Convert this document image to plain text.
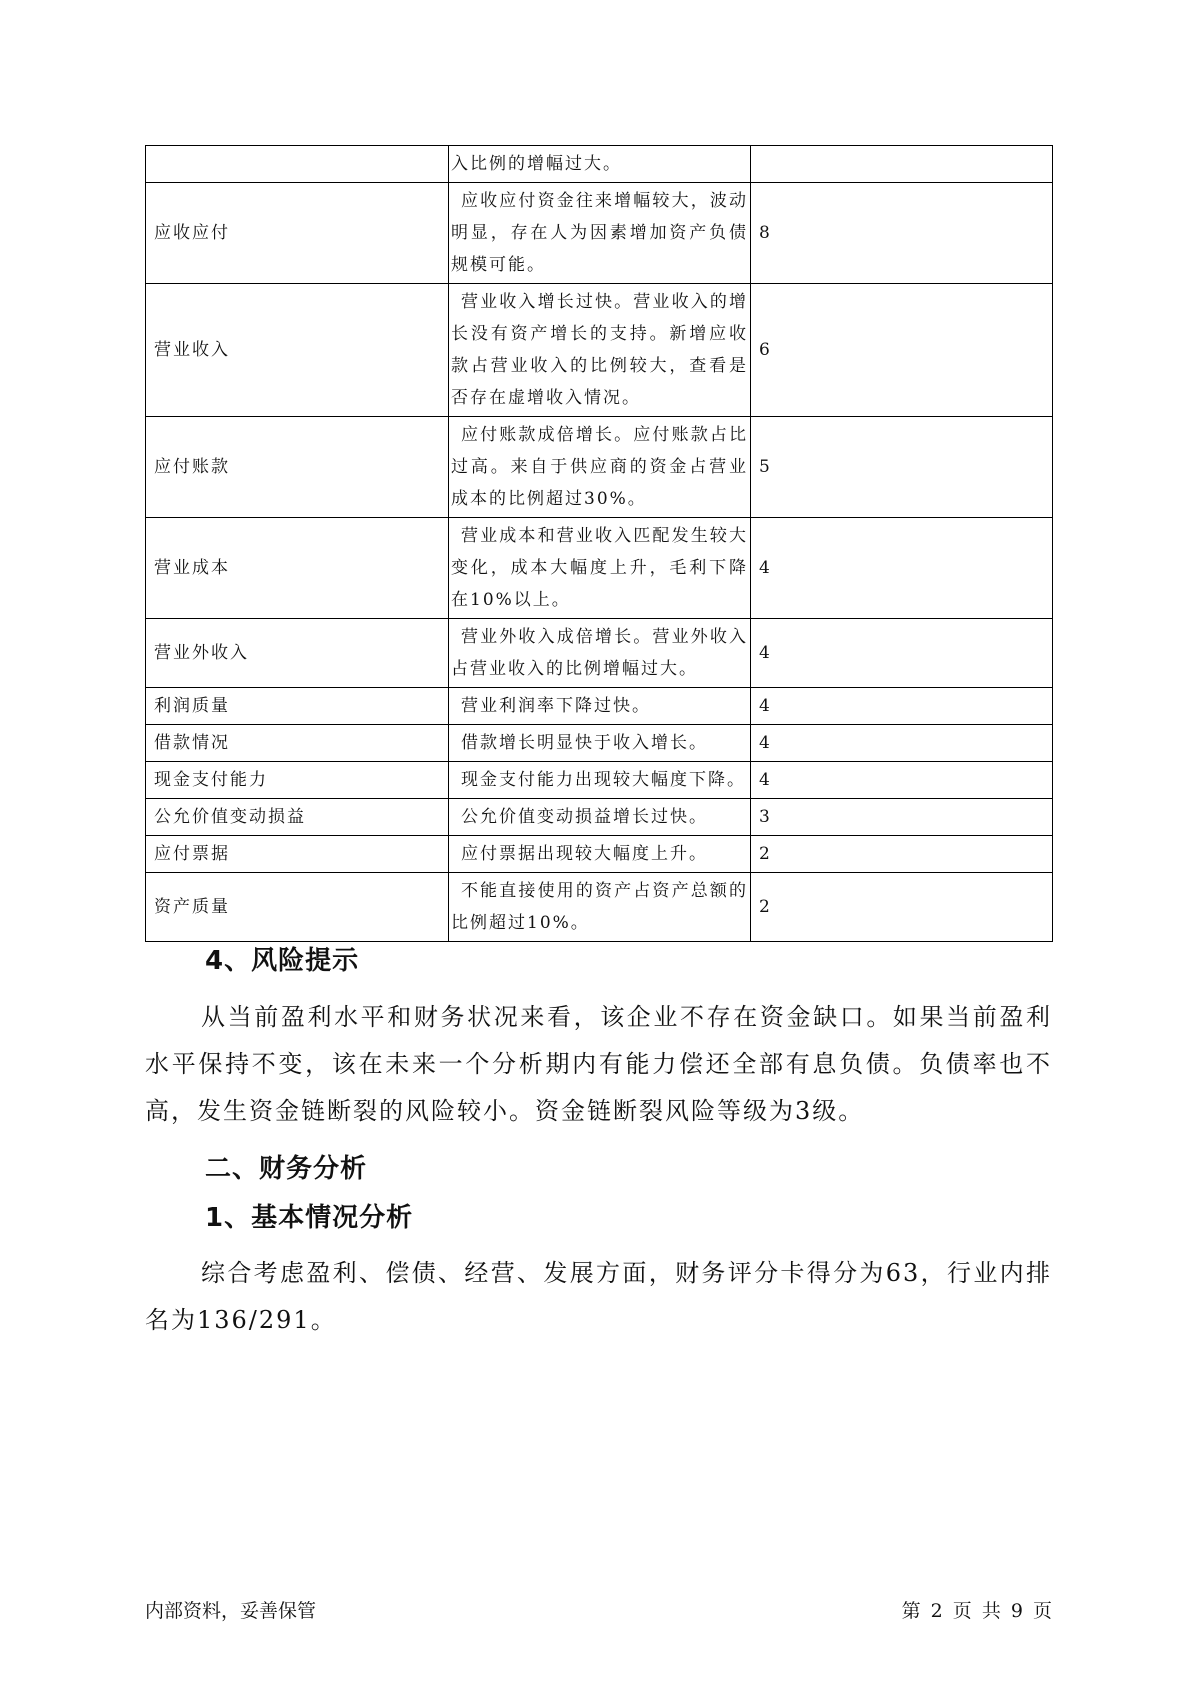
	入比例的增幅过大。	
应收应付	应收应付资金往来增幅较大，波动明显，存在人为因素增加资产负债规模可能。	8
营业收入	营业收入增长过快。营业收入的增长没有资产增长的支持。新增应收款占营业收入的比例较大，查看是否存在虚增收入情况。	6
应付账款	应付账款成倍增长。应付账款占比过高。来自于供应商的资金占营业成本的比例超过30%。	5
营业成本	营业成本和营业收入匹配发生较大变化，成本大幅度上升，毛利下降在10%以上。	4
营业外收入	营业外收入成倍增长。营业外收入占营业收入的比例增幅过大。	4
利润质量	营业利润率下降过快。	4
借款情况	借款增长明显快于收入增长。	4
现金支付能力	现金支付能力出现较大幅度下降。	4
公允价值变动损益	公允价值变动损益增长过快。	3
应付票据	应付票据出现较大幅度上升。	2
资产质量	不能直接使用的资产占资产总额的比例超过10%。	2
4、风险提示
从当前盈利水平和财务状况来看，该企业不存在资金缺口。如果当前盈利水平保持不变，该在未来一个分析期内有能力偿还全部有息负债。负债率也不高，发生资金链断裂的风险较小。资金链断裂风险等级为3级。
二、财务分析
1、基本情况分析
综合考虑盈利、偿债、经营、发展方面，财务评分卡得分为63，行业内排名为136/291。
内部资料，妥善保管	第 2 页 共 9 页
